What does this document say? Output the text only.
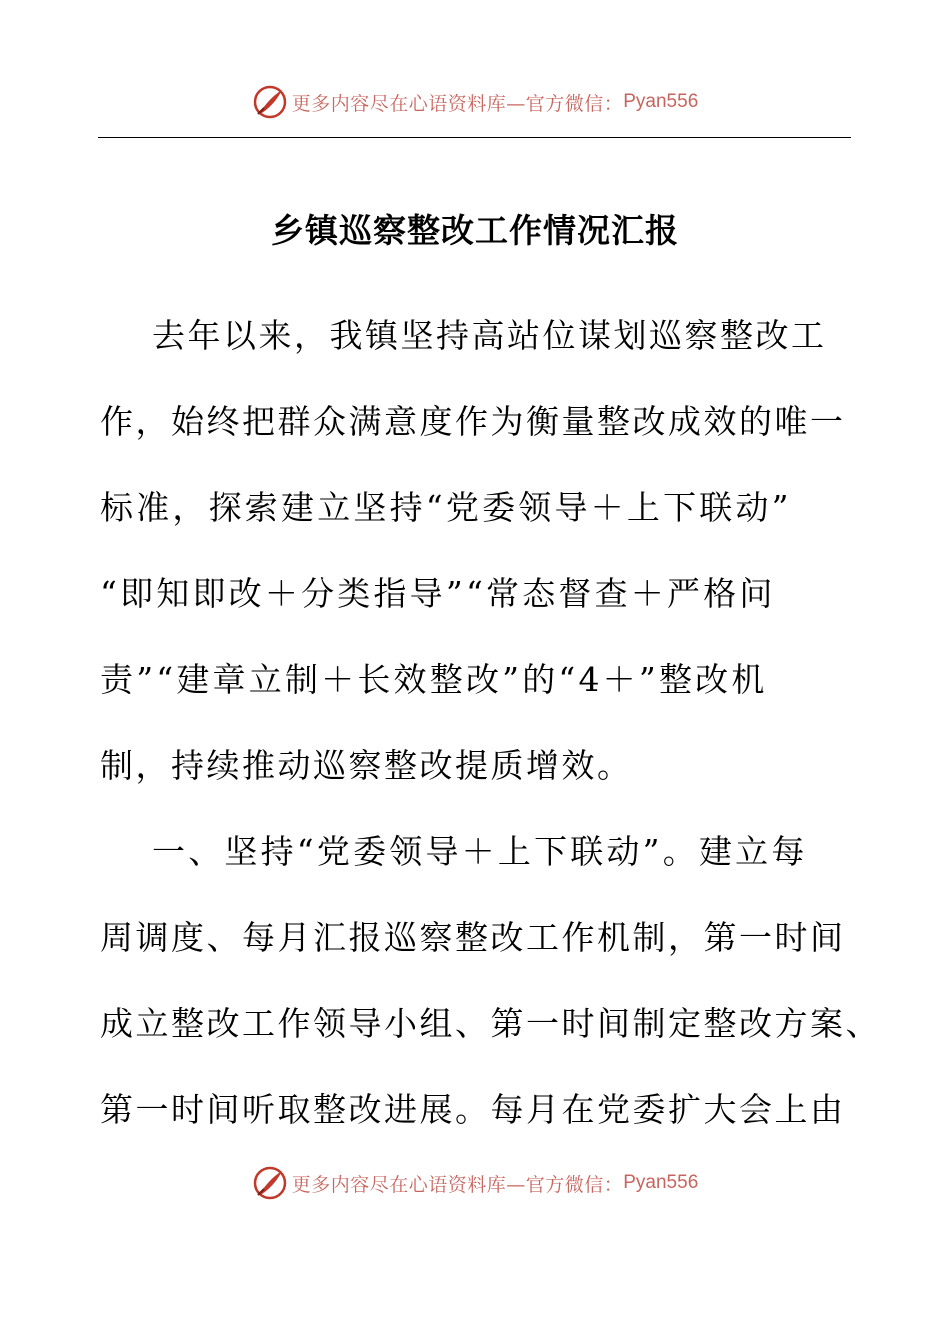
更多内容尽在心语资料库—官方微信： Pyan556
乡镇巡察整改工作情况汇报
去年以来，我镇坚持高站位谋划巡察整改工
作，始终把群众满意度作为衡量整改成效的唯一
标准，探索建立坚持“党委领导＋上下联动”
“即知即改＋分类指导”“常态督查＋严格问
责”“建章立制＋长效整改”的“4＋”整改机
制，持续推动巡察整改提质增效。
一、坚持“党委领导＋上下联动”。建立每
周调度、每月汇报巡察整改工作机制，第一时间
成立整改工作领导小组、第一时间制定整改方案、
第一时间听取整改进展。每月在党委扩大会上由
更多内容尽在心语资料库—官方微信： Pyan556
